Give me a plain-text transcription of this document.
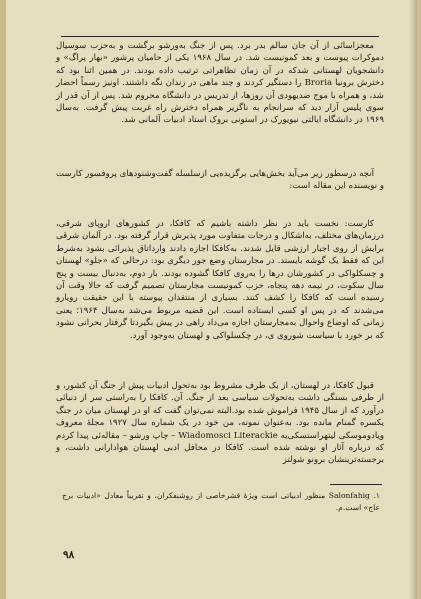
معجزاسائی از آن جان سالم بدر برد. پس از جنگ به‌ورشو برگشت و به‌حزب سوسیال دموکرات پیوست و بعد کمونیست شد. در سال ۱۹۶۸ یکی از حامیان پرشور «بهار پراگ» و دانشجویان لهستانی شدکه در آن زمان تظاهراتی ترتیب داده بودند. در همین اثنا بود که دخترش برونیا Broria را دستگیر کردند و چند ماهی در زندان نگه داشتند. اونیز رسماً احضار شد، و همراه با موج ضدیهودی آن روزها، از تدریس در دانشگاه محروم شد. پس از آن قدر از سوی پلیس آزار دید که سرانجام به ناگزیر همراه دخترش راه غربت پیش گرفت. به‌سال ۱۹۶۹ در دانشگاه ایالتی نیویورک در استونی بروک استاد ادبیات آلمانی شد.

آنچه درسطور زیر می‌آید بخش‌هایی برگزیده‌یی ازسلسله گفت‌وشنودهای پروفسور کارست و نویسنده این مقاله است:

کارست: نخست باید در نظر داشته باشیم که کافکا، در کشورهای اروپای شرقی، درزمان‌های مختلف، به‌اشکال و درجات متفاوت مورد پذیرش قرار گرفته بود. در آلمان شرقی برایش از روی اجبار ارزشی قایل شدند. به‌کافکا اجازه دادند وارداتاق پذیرائی بشود به‌شرط این که فقط یک گوشه بایستد. در مجارستان وضع جور دیگری بود: درحالی که «جلو» لهستان و چسکلواکی در کشورشان درها را به‌روی کافکا گشوده بودند. بار دوم، به‌دنبال بیست و پنج سال سکوت، در نیمه دهه پنجاه، حزب کمونیست مجارستان تصمیم گرفت که حالا وقت آن رسیده است که کافکا را کشف کنند. بسیاری از منتقدان پیوسته با این حقیقت رویارو می‌شدند که در پس او کسی ایستاده است. این قضیه مربوط می‌شد به‌سال ۱۹۶۴؛ یعنی زمانی که اوضاع واحوال به‌مجارستان اجازه می‌داد راهی در پیش بگیردتا گرفتار بحرانی نشود که بر خورد با سیاست شوروی ی، در چکسلواکی و لهستان به‌وجود آورد.

قبول کافکا، در لهستان، از یک طرف مشروط بود به‌تحول ادبیات پیش از جنگ آن کشور، و از طرفی بستگی داشت به‌تحولات سیاسی بعد از جنگ. آن. کافکا را به‌راستی سر از دنیائی درآورد که از سال ۱۹۴۵ فراموش شده بود.البته نمی‌توان گفت که او در لهستان میان در جنگ یکسره گمنام مانده بود. به‌عنوان نمونه، من خود در یک شماره سال ۱۹۲۷ مجلهٔ معروف ویادوموسکی لیتهراستسکی‌یه Wiadomosci Literackie – چاپ ورشو – مقاله‌ئی پیدا کردم که درباره آثار او نوشته شده است. کافکا در محافل ادبی لهستان هوادارانی داشت، و برجسته‌ترینشان برونو شولتز

۱. Salonfahig منظور ادبیاتی است ویژهٔ قشرخاصی از روشنفکران، و تقریباً معادل «ادبیات برج عاج» است.م.
۹۸
